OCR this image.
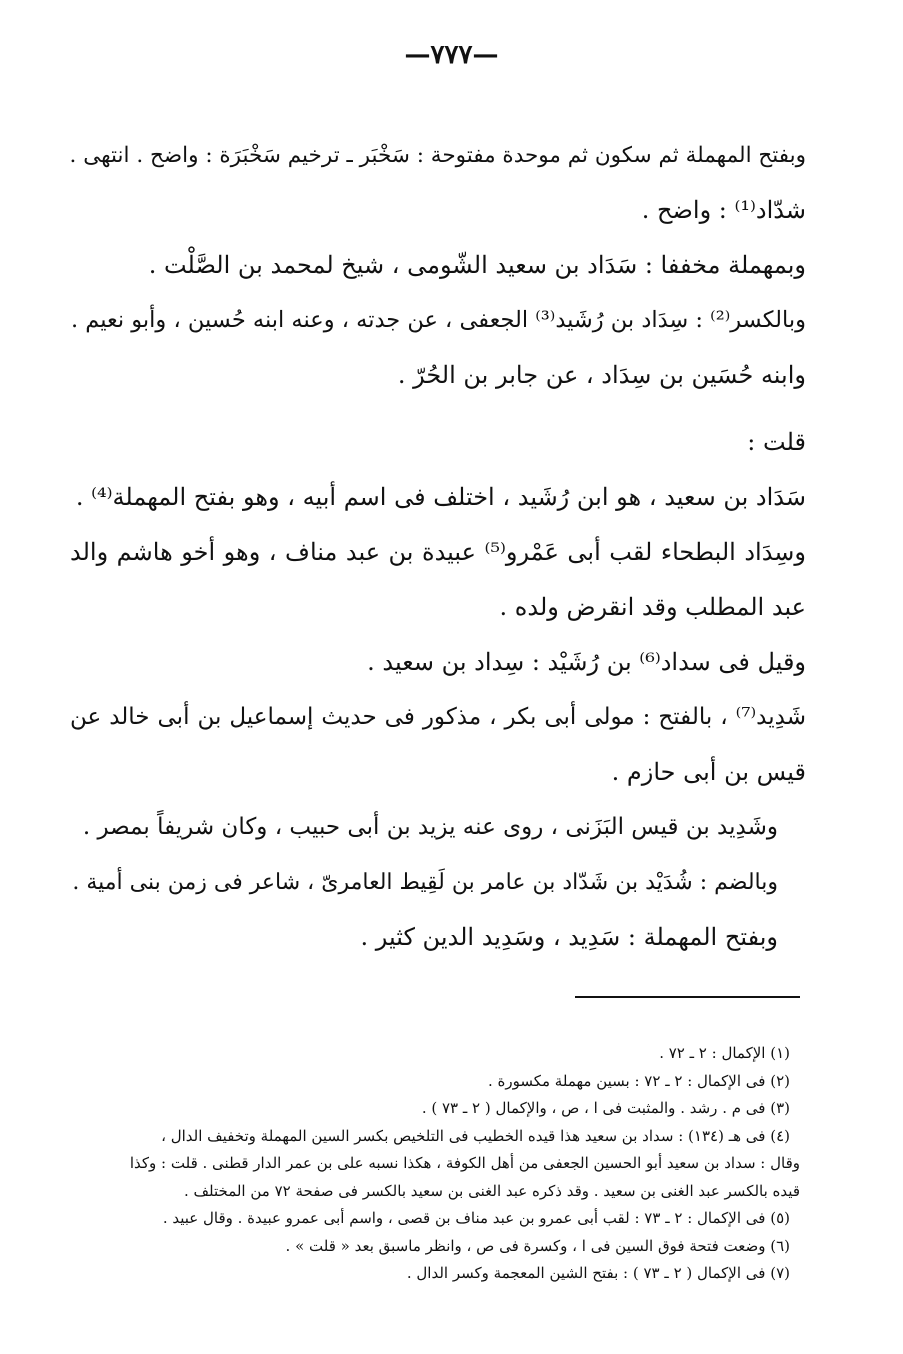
—٧٧٧—
وبفتح المهملة ثم سكون ثم موحدة مفتوحة : سَخْبَر ـ ترخيم سَخْبَرَة : واضح . انتهى .
شدّاد⁽¹⁾ : واضح .
وبمهملة مخففا : سَدَاد بن سعيد الشّومى ، شيخ لمحمد بن الصَّلْت .
وبالكسر⁽²⁾ : سِدَاد بن رُشَيد⁽³⁾ الجعفى ، عن جدته ، وعنه ابنه حُسين ، وأبو نعيم .
وابنه حُسَين بن سِدَاد ، عن جابر بن الحُرّ .
قلت :
سَدَاد بن سعيد ، هو ابن رُشَيد ، اختلف فى اسم أبيه ، وهو بفتح المهملة⁽⁴⁾ .
وسِدَاد البطحاء لقب أبى عَمْرو⁽⁵⁾ عبيدة بن عبد مناف ، وهو أخو هاشم والد
عبد المطلب وقد انقرض ولده .
وقيل فى سداد⁽⁶⁾ بن رُشَيْد : سِداد بن سعيد .
شَدِيد⁽⁷⁾ ، بالفتح : مولى أبى بكر ، مذكور فى حديث إسماعيل بن أبى خالد عن
قيس بن أبى حازم .
وشَدِيد بن قيس البَزَنى ، روى عنه يزيد بن أبى حبيب ، وكان شريفاً بمصر .
وبالضم : شُدَيْد بن شَدّاد بن عامر بن لَقِيط العامرىّ ، شاعر فى زمن بنى أمية .
وبفتح المهملة : سَدِيد ، وسَدِيد الدين كثير .
(١) الإكمال : ٢ ـ ٧٢ .
(٢) فى الإكمال : ٢ ـ ٧٢ : بسين مهملة مكسورة .
(٣) فى م . رشد . والمثبت فى ا ، ص ، والإكمال ( ٢ ـ ٧٣ ) .
(٤) فى هـ (١٣٤) : سداد بن سعيد هذا قيده الخطيب فى التلخيص بكسر السين المهملة وتخفيف الدال ،
وقال : سداد بن سعيد أبو الحسين الجعفى من أهل الكوفة ، هكذا نسبه على بن عمر الدار قطنى . قلت : وكذا
قيده بالكسر عبد الغنى بن سعيد . وقد ذكره عبد الغنى بن سعيد بالكسر فى صفحة ٧٢ من المختلف .
(٥) فى الإكمال : ٢ ـ ٧٣ : لقب أبى عمرو بن عبد مناف بن قصى ، واسم أبى عمرو عبيدة . وقال عبيد .
(٦) وضعت فتحة فوق السين فى ا ، وكسرة فى ص ، وانظر ماسبق بعد « قلت » .
(٧) فى الإكمال ( ٢ ـ ٧٣ ) : بفتح الشين المعجمة وكسر الدال .
